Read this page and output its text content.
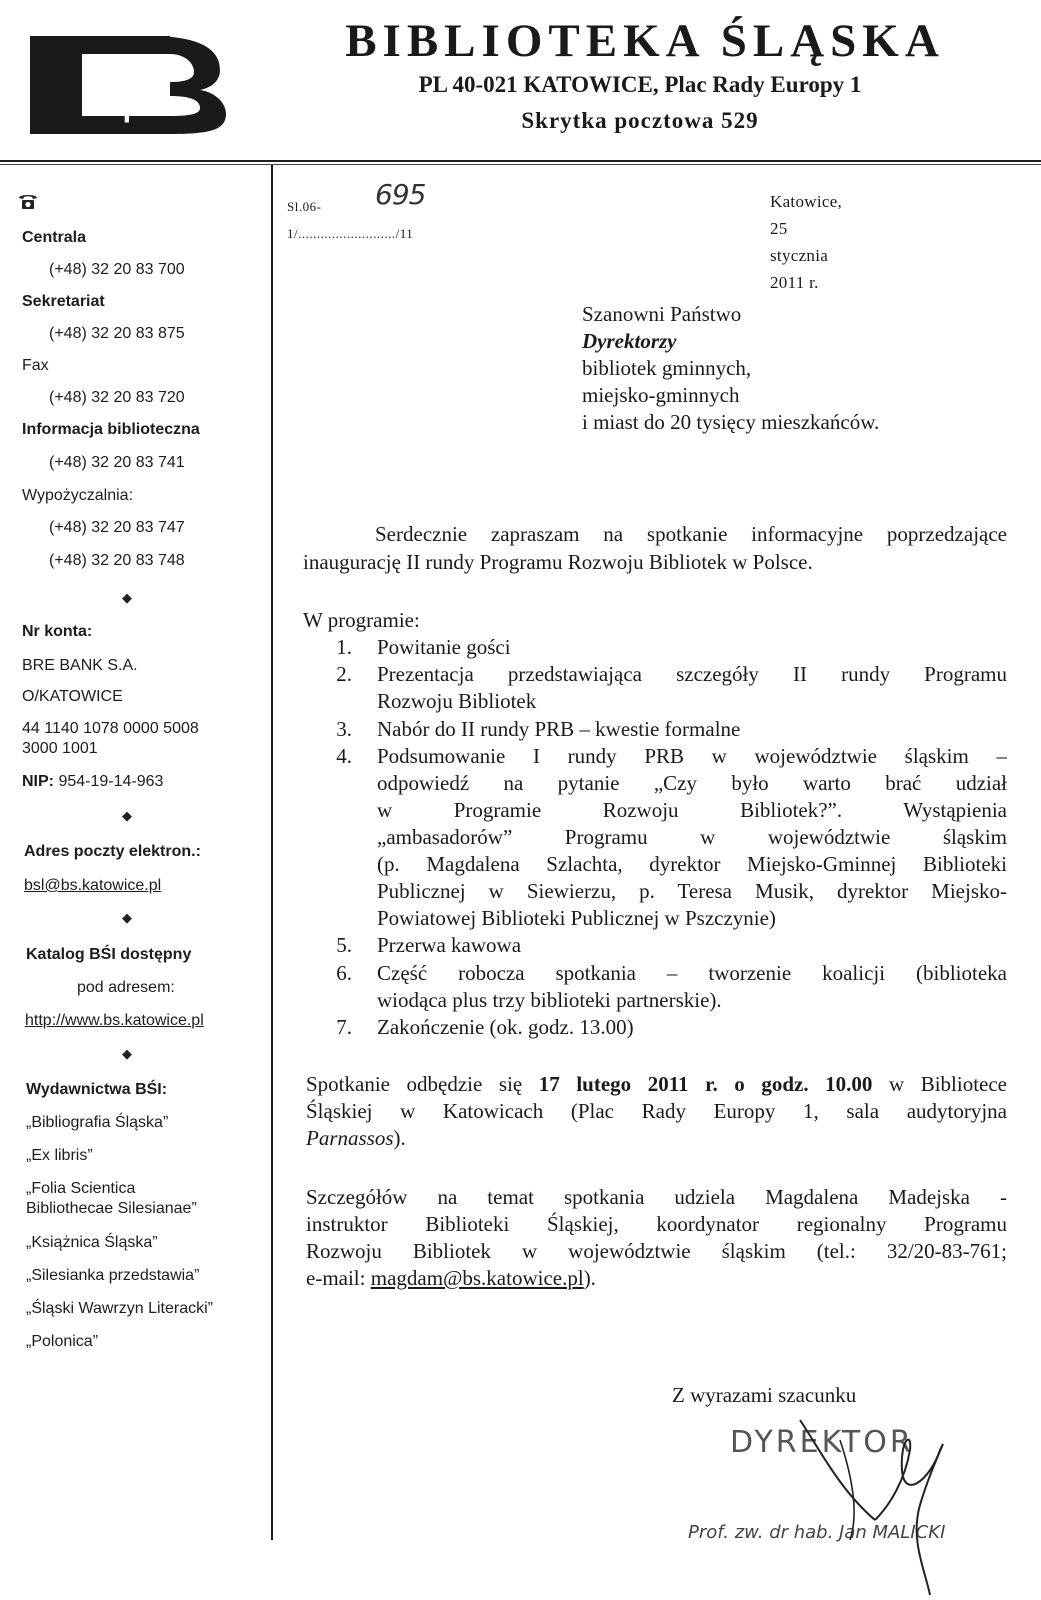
$
BIBLIOTEKA ŚLĄSKA
PL 40-021 KATOWICE, Plac Rady Europy 1
Skrytka pocztowa 529
Centrala
(+48) 32 20 83 700
Sekretariat
(+48) 32 20 83 875
Fax
(+48) 32 20 83 720
Informacja biblioteczna
(+48) 32 20 83 741
Wypożyczalnia:
(+48) 32 20 83 747
(+48) 32 20 83 748
◆
Nr konta:
BRE BANK S.A.
O/KATOWICE
44 1140 1078 0000 5008
3000 1001
NIP: 954-19-14-963
◆
Adres poczty elektron.:
bsl@bs.katowice.pl
◆
Katalog BŚI dostępny
pod adresem:
http://www.bs.katowice.pl
◆
Wydawnictwa BŚI:
„Bibliografia Śląska”
„Ex libris”
„Folia Scientica
Bibliothecae Silesianae”
„Książnica Śląska”
„Silesianka przedstawia”
„Śląski Wawrzyn Literacki”
„Polonica”
Sl.06-1/........................../11
695	Katowice, 25 stycznia 2011 r.
Szanowni Państwo
Dyrektorzy
bibliotek gminnych,
miejsko-gminnych
i miast do 20 tysięcy mieszkańców.
Serdecznie zapraszam na spotkanie informacyjne poprzedzające
inaugurację II rundy Programu Rozwoju Bibliotek w Polsce.
W programie:
1. Powitanie gości
2. Prezentacja przedstawiająca szczegóły II rundy Programu
Rozwoju Bibliotek
3. Nabór do II rundy PRB – kwestie formalne
4. Podsumowanie I rundy PRB w województwie śląskim –
odpowiedź na pytanie „Czy było warto brać udział
w Programie Rozwoju Bibliotek?”. Wystąpienia
„ambasadorów” Programu w województwie śląskim
(p. Magdalena Szlachta, dyrektor Miejsko-Gminnej Biblioteki
Publicznej w Siewierzu, p. Teresa Musik, dyrektor Miejsko-
Powiatowej Biblioteki Publicznej w Pszczynie)
5. Przerwa kawowa
6. Część robocza spotkania – tworzenie koalicji (biblioteka
wiodąca plus trzy biblioteki partnerskie).
7. Zakończenie (ok. godz. 13.00)
Spotkanie odbędzie się 17 lutego 2011 r. o godz. 10.00 w Bibliotece
Śląskiej w Katowicach (Plac Rady Europy 1, sala audytoryjna
Parnassos).
Szczegółów na temat spotkania udziela Magdalena Madejska -
instruktor Biblioteki Śląskiej, koordynator regionalny Programu
Rozwoju Bibliotek w województwie śląskim (tel.: 32/20-83-761;
e-mail: magdam@bs.katowice.pl).
Z wyrazami szacunku
DYREKTOR
Prof. zw. dr hab. Jan MALICKI
